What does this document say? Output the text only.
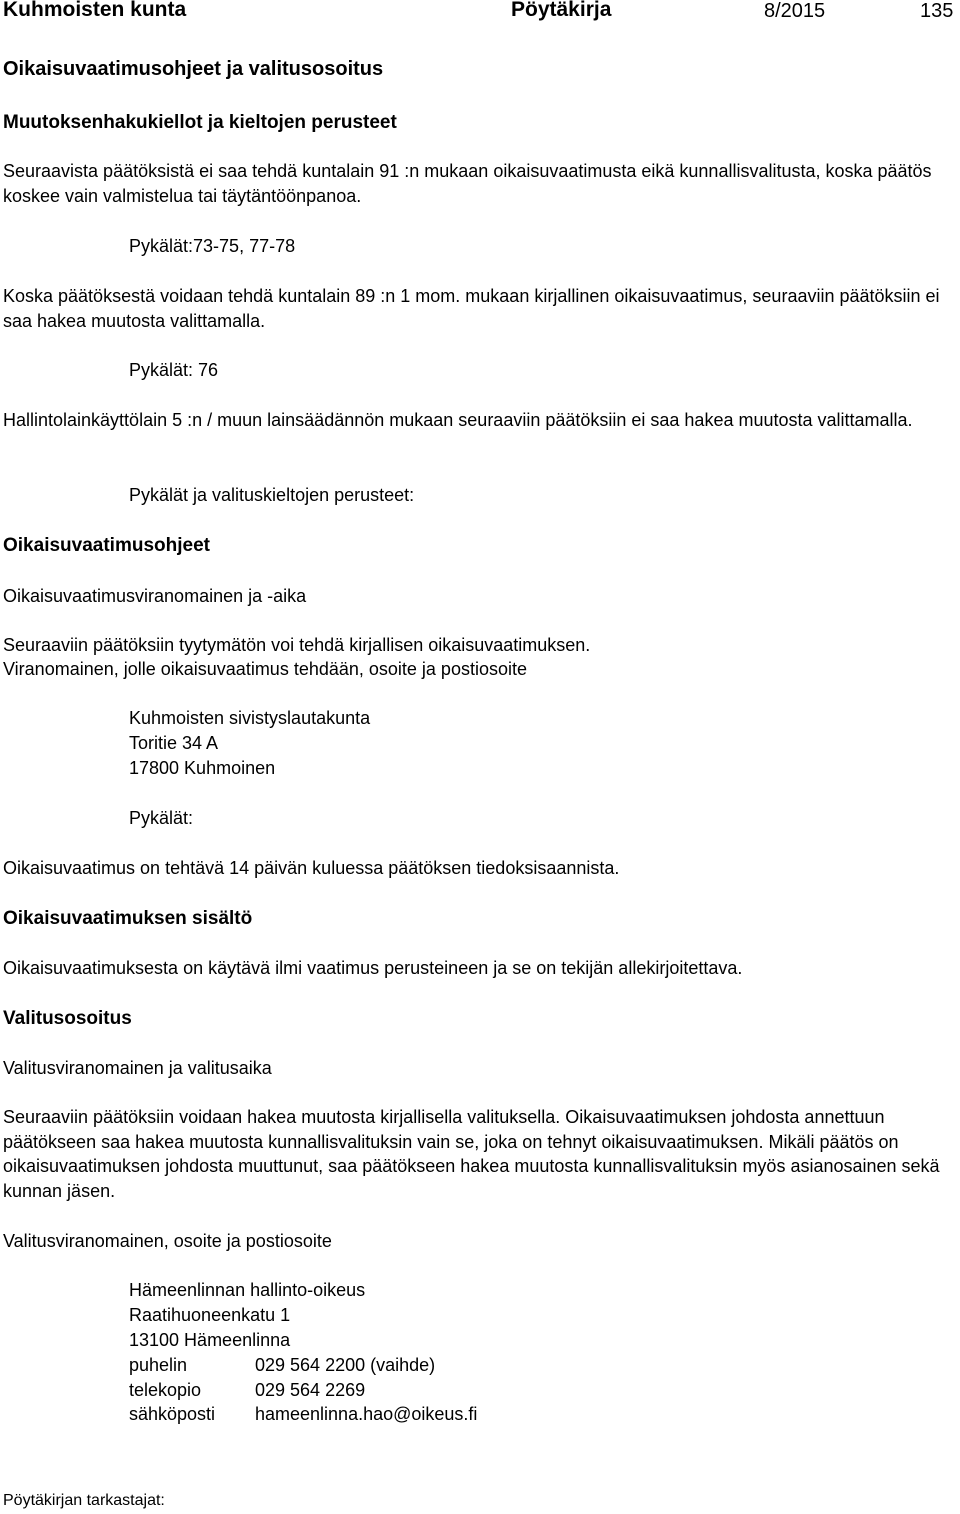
Kuhmoisten kunta	Pöytäkirja	8/2015	135
Oikaisuvaatimusohjeet ja valitusosoitus
Muutoksenhakukiellot ja kieltojen perusteet

Seuraavista päätöksistä ei saa tehdä kuntalain 91 :n mukaan oikaisuvaatimusta eikä kunnallisvalitusta, koska päätös koskee vain valmistelua tai täytäntöönpanoa.

Pykälät:73-75, 77-78

Koska päätöksestä voidaan tehdä kuntalain 89 :n 1 mom. mukaan kirjallinen oikaisuvaatimus, seuraaviin päätöksiin ei saa hakea muutosta valittamalla.

Pykälät: 76

Hallintolainkäyttölain 5 :n / muun lainsäädännön mukaan seuraaviin päätöksiin ei saa hakea muutosta valittamalla.

Pykälät ja valituskieltojen perusteet:
Oikaisuvaatimusohjeet
Oikaisuvaatimusviranomainen ja -aika
Seuraaviin päätöksiin tyytymätön voi tehdä kirjallisen oikaisuvaatimuksen.
Viranomainen, jolle oikaisuvaatimus tehdään, osoite ja postiosoite
Kuhmoisten sivistyslautakunta
Toritie 34 A
17800 Kuhmoinen
Pykälät:
Oikaisuvaatimus on tehtävä 14 päivän kuluessa päätöksen tiedoksisaannista.
Oikaisuvaatimuksen sisältö
Oikaisuvaatimuksesta on käytävä ilmi vaatimus perusteineen ja se on tekijän allekirjoitettava.
Valitusosoitus
Valitusviranomainen ja valitusaika

Seuraaviin päätöksiin voidaan hakea muutosta kirjallisella valituksella. Oikaisuvaatimuksen johdosta annettuun päätökseen saa hakea muutosta kunnallisvalituksin vain se, joka on tehnyt oikaisuvaatimuksen. Mikäli päätös on oikaisuvaatimuksen johdosta muuttunut, saa päätökseen hakea muutosta kunnallisvalituksin myös asianosainen sekä kunnan jäsen.

Valitusviranomainen, osoite ja postiosoite
Hämeenlinnan hallinto-oikeus
Raatihuoneenkatu 1
13100 Hämeenlinna
puhelin	029 564 2200 (vaihde)
telekopio	029 564 2269
sähköposti	hameenlinna.hao@oikeus.fi
Pöytäkirjan tarkastajat:
